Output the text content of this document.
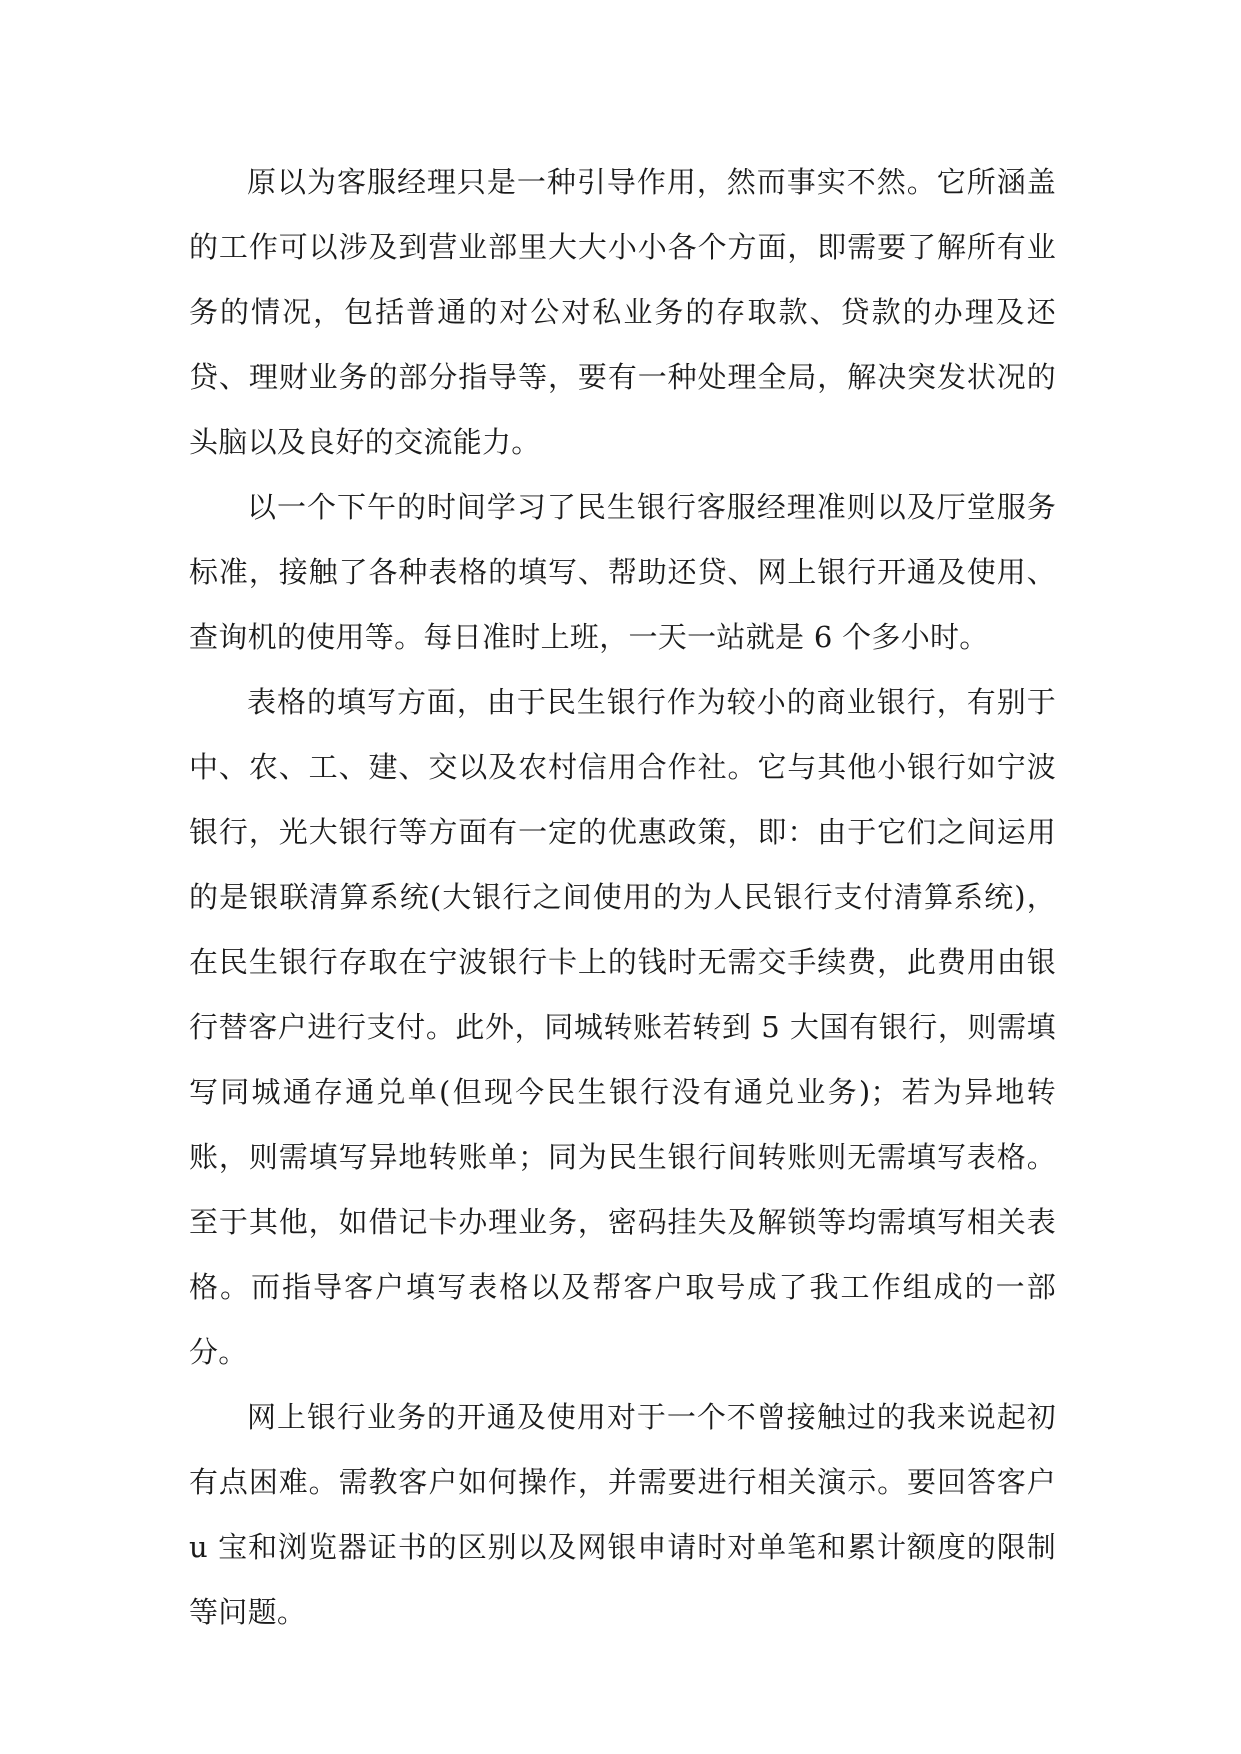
原以为客服经理只是一种引导作用，然而事实不然。它所涵盖的工作可以涉及到营业部里大大小小各个方面，即需要了解所有业务的情况，包括普通的对公对私业务的存取款、贷款的办理及还贷、理财业务的部分指导等，要有一种处理全局，解决突发状况的头脑以及良好的交流能力。

以一个下午的时间学习了民生银行客服经理准则以及厅堂服务标准，接触了各种表格的填写、帮助还贷、网上银行开通及使用、查询机的使用等。每日准时上班，一天一站就是 6 个多小时。

表格的填写方面，由于民生银行作为较小的商业银行，有别于中、农、工、建、交以及农村信用合作社。它与其他小银行如宁波银行，光大银行等方面有一定的优惠政策，即：由于它们之间运用的是银联清算系统(大银行之间使用的为人民银行支付清算系统)，在民生银行存取在宁波银行卡上的钱时无需交手续费，此费用由银行替客户进行支付。此外，同城转账若转到 5 大国有银行，则需填写同城通存通兑单(但现今民生银行没有通兑业务)；若为异地转账，则需填写异地转账单；同为民生银行间转账则无需填写表格。至于其他，如借记卡办理业务，密码挂失及解锁等均需填写相关表格。而指导客户填写表格以及帮客户取号成了我工作组成的一部分。

网上银行业务的开通及使用对于一个不曾接触过的我来说起初有点困难。需教客户如何操作，并需要进行相关演示。要回答客户 u 宝和浏览器证书的区别以及网银申请时对单笔和累计额度的限制等问题。
